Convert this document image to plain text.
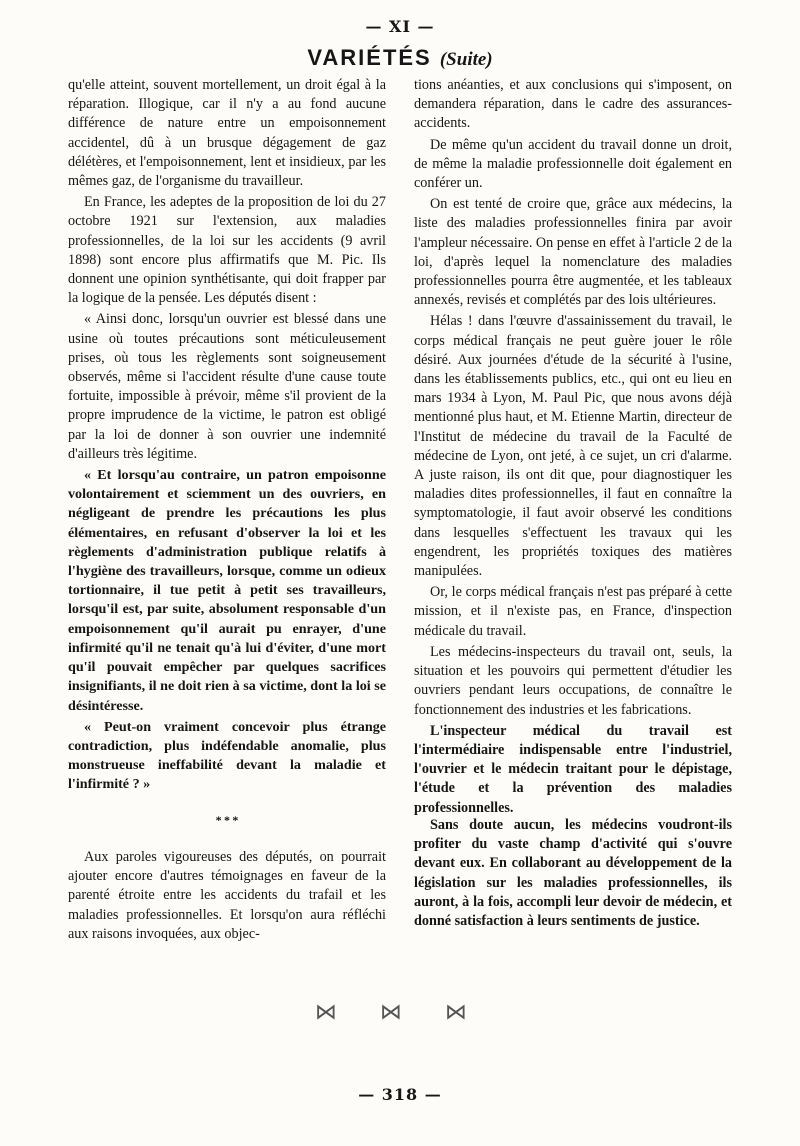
— XI —
VARIÉTÉS (Suite)

qu'elle atteint, souvent mortellement, un droit égal à la réparation. Illogique, car il n'y a au fond aucune différence de nature entre un empoisonnement accidentel, dû à un brusque dégagement de gaz délétères, et l'empoisonnement, lent et insidieux, par les mêmes gaz, de l'organisme du travailleur.

En France, les adeptes de la proposition de loi du 27 octobre 1921 sur l'extension, aux maladies professionnelles, de la loi sur les accidents (9 avril 1898) sont encore plus affirmatifs que M. Pic. Ils donnent une opinion synthétisante, qui doit frapper par la logique de la pensée. Les députés disent :

« Ainsi donc, lorsqu'un ouvrier est blessé dans une usine où toutes précautions sont méticuleusement prises, où tous les règlements sont soigneusement observés, même si l'accident résulte d'une cause toute fortuite, impossible à prévoir, même s'il provient de la propre imprudence de la victime, le patron est obligé par la loi de donner à son ouvrier une indemnité d'ailleurs très légitime.

« Et lorsqu'au contraire, un patron empoisonne volontairement et sciemment un des ouvriers, en négligeant de prendre les précautions les plus élémentaires, en refusant d'observer la loi et les règlements d'administration publique relatifs à l'hygiène des travailleurs, lorsque, comme un odieux tortionnaire, il tue petit à petit ses travailleurs, lorsqu'il est, par suite, absolument responsable d'un empoisonnement qu'il aurait pu enrayer, d'une infirmité qu'il ne tenait qu'à lui d'éviter, d'une mort qu'il pouvait empêcher par quelques sacrifices insignifiants, il ne doit rien à sa victime, dont la loi se désintéresse.

« Peut-on vraiment concevoir plus étrange contradiction, plus indéfendable anomalie, plus monstrueuse ineffabilité devant la maladie et l'infirmité ? »

* * *

Aux paroles vigoureuses des députés, on pourrait ajouter encore d'autres témoignages en faveur de la parenté étroite entre les accidents du trafail et les maladies professionnelles. Et lorsqu'on aura réfléchi aux raisons invoquées, aux objec-

tions anéanties, et aux conclusions qui s'imposent, on demandera réparation, dans le cadre des assurances-accidents.

De même qu'un accident du travail donne un droit, de même la maladie professionnelle doit également en conférer un.

On est tenté de croire que, grâce aux médecins, la liste des maladies professionnelles finira par avoir l'ampleur nécessaire. On pense en effet à l'article 2 de la loi, d'après lequel la nomenclature des maladies professionnelles pourra être augmentée, et les tableaux annexés, revisés et complétés par des lois ultérieures.

Hélas ! dans l'œuvre d'assainissement du travail, le corps médical français ne peut guère jouer le rôle désiré. Aux journées d'étude de la sécurité à l'usine, dans les établissements publics, etc., qui ont eu lieu en mars 1934 à Lyon, M. Paul Pic, que nous avons déjà mentionné plus haut, et M. Etienne Martin, directeur de l'Institut de médecine du travail de la Faculté de médecine de Lyon, ont jeté, à ce sujet, un cri d'alarme. A juste raison, ils ont dit que, pour diagnostiquer les maladies dites professionnelles, il faut en connaître la symptomatologie, il faut avoir observé les conditions dans lesquelles s'effectuent les travaux qui les engendrent, les propriétés toxiques des matières manipulées.

Or, le corps médical français n'est pas préparé à cette mission, et il n'existe pas, en France, d'inspection médicale du travail.

Les médecins-inspecteurs du travail ont, seuls, la situation et les pouvoirs qui permettent d'étudier les ouvriers pendant leurs occupations, de connaître le fonctionnement des industries et les fabrications.

L'inspecteur médical du travail est l'intermédiaire indispensable entre l'industriel, l'ouvrier et le médecin traitant pour le dépistage, l'étude et la prévention des maladies professionnelles.

Sans doute aucun, les médecins voudront-ils profiter du vaste champ d'activité qui s'ouvre devant eux. En collaborant au développement de la législation sur les maladies professionnelles, ils auront, à la fois, accompli leur devoir de médecin, et donné satisfaction à leurs sentiments de justice.

⋈ ⋈ ⋈
— 318 —
